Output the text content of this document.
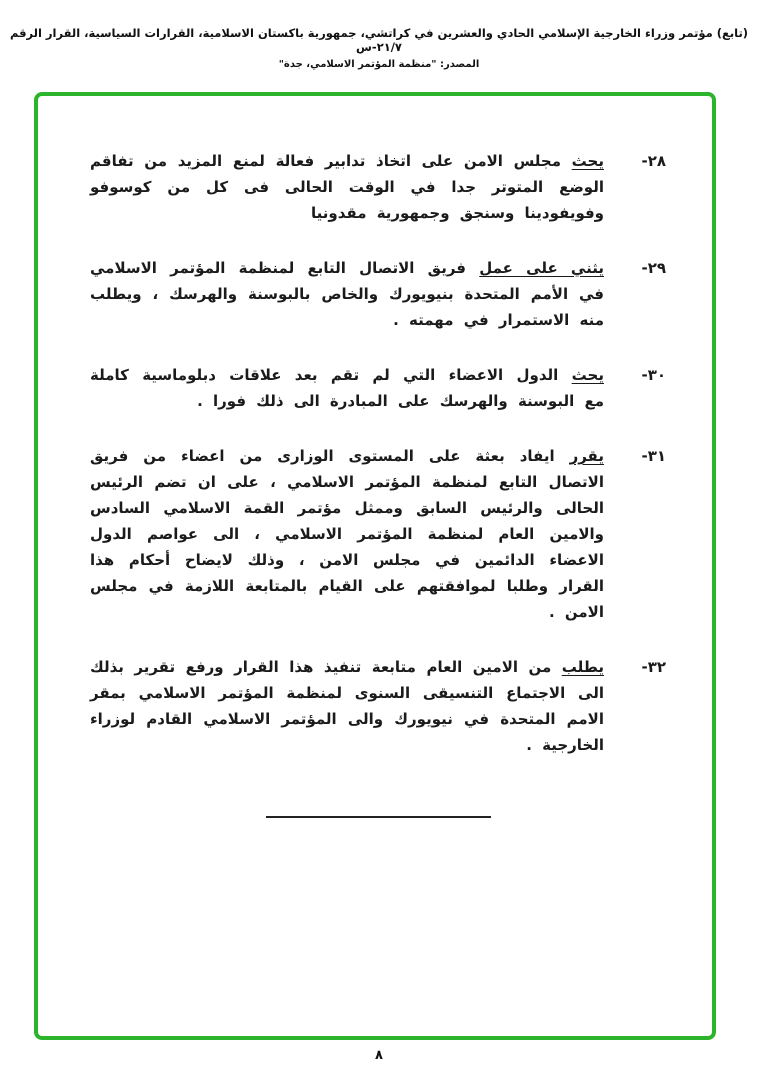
(تابع) مؤتمر وزراء الخارجية الإسلامي الحادي والعشرين في كراتشي، جمهورية باكستان الاسلامية، القرارات السياسية، القرار الرقم ٢١/٧-س
المصدر: "منظمة المؤتمر الاسلامي، جدة"
٢٨-
يحث مجلس الامن على اتخاذ تدابير فعالة لمنع المزيد من تفاقم الوضع المتوتر جدا في الوقت الحالى فى كل من كوسوفو وفويفودينا وسنجق وجمهورية مقدونيا
٢٩-
يثني على عمل فريق الاتصال التابع لمنظمة المؤتمر الاسلامي في الأمم المتحدة بنيويورك والخاص بالبوسنة والهرسك ، ويطلب منه الاستمرار في مهمته .
٣٠-
يحث الدول الاعضاء التي لم تقم بعد علاقات دبلوماسية كاملة مع البوسنة والهرسك على المبادرة الى ذلك فورا .
٣١-
يقرر ايفاد بعثة على المستوى الوزارى من اعضاء من فريق الاتصال التابع لمنظمة المؤتمر الاسلامي ، على ان تضم الرئيس الحالى والرئيس السابق وممثل مؤتمر القمة الاسلامي السادس والامين العام لمنظمة المؤتمر الاسلامي ، الى عواصم الدول الاعضاء الدائمين في مجلس الامن ، وذلك لايضاح أحكام هذا القرار وطلبا لموافقتهم على القيام بالمتابعة اللازمة في مجلس الامن .
٣٢-
يطلب من الامين العام متابعة تنفيذ هذا القرار ورفع تقرير بذلك الى الاجتماع التنسيقى السنوى لمنظمة المؤتمر الاسلامي بمقر الامم المتحدة في نيويورك والى المؤتمر الاسلامي القادم لوزراء الخارجية .
٨
